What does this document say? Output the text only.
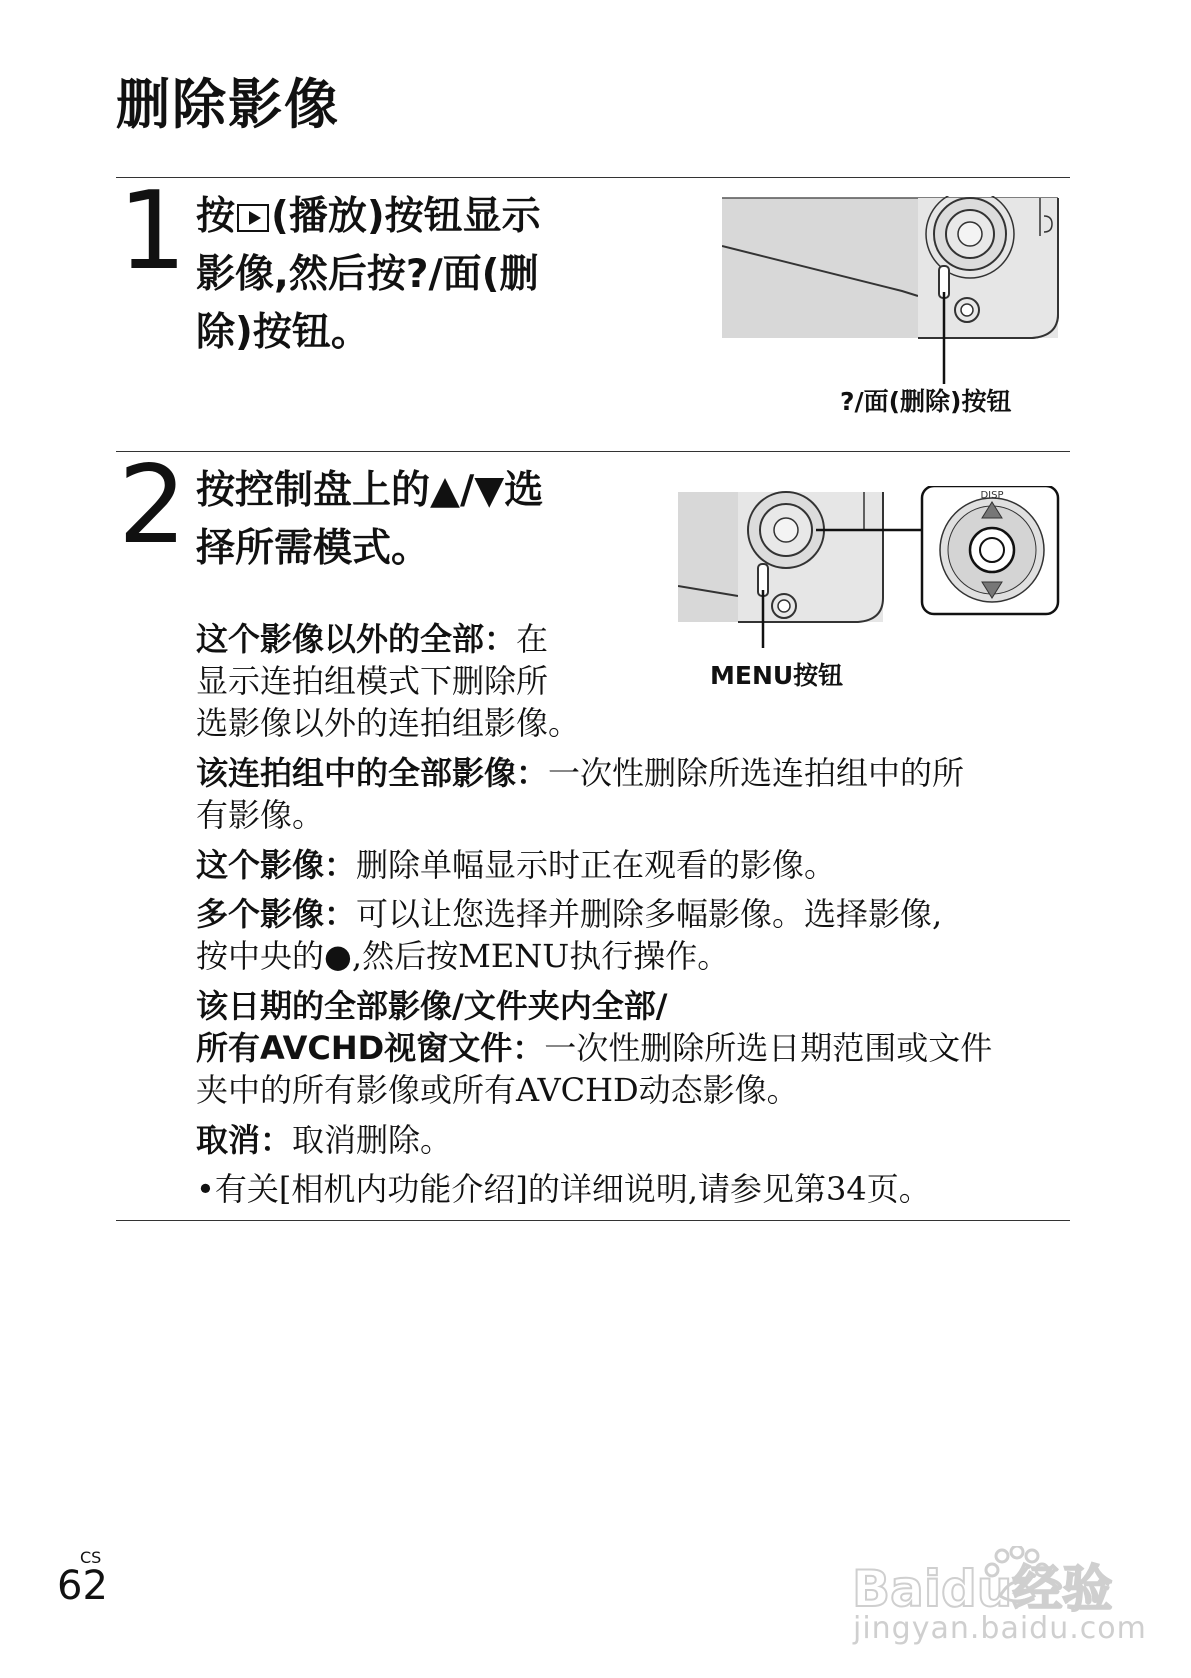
删除影像
1 按 (播放)按钮显示
影像,然后按?/​面(删
除)按钮。
?/面(删除)按钮
2 按控制盘上的▲/▼选
择所需模式。
DISP
MENU按钮
这个影像以外的全部：在
显示连拍组模式下删除所
选影像以外的连拍组影像。
该连拍组中的全部影像：一次性删除所选连拍组中的所
有影像。
这个影像：删除单幅显示时正在观看的影像。
多个影像：可以让您选择并删除多幅影像。选择影像,
按中央的●,然后按MENU执行操作。
该日期的全部影像/文件夹内全部/
所有AVCHD视窗文件：一次性删除所选日期范围或文件
夹中的所有影像或所有AVCHD动态影像。
取消：取消删除。
•有关[相机内功能介绍]的详细说明,请参见第34页。
CS
62	Baidu经验
jingyan.baidu.com
